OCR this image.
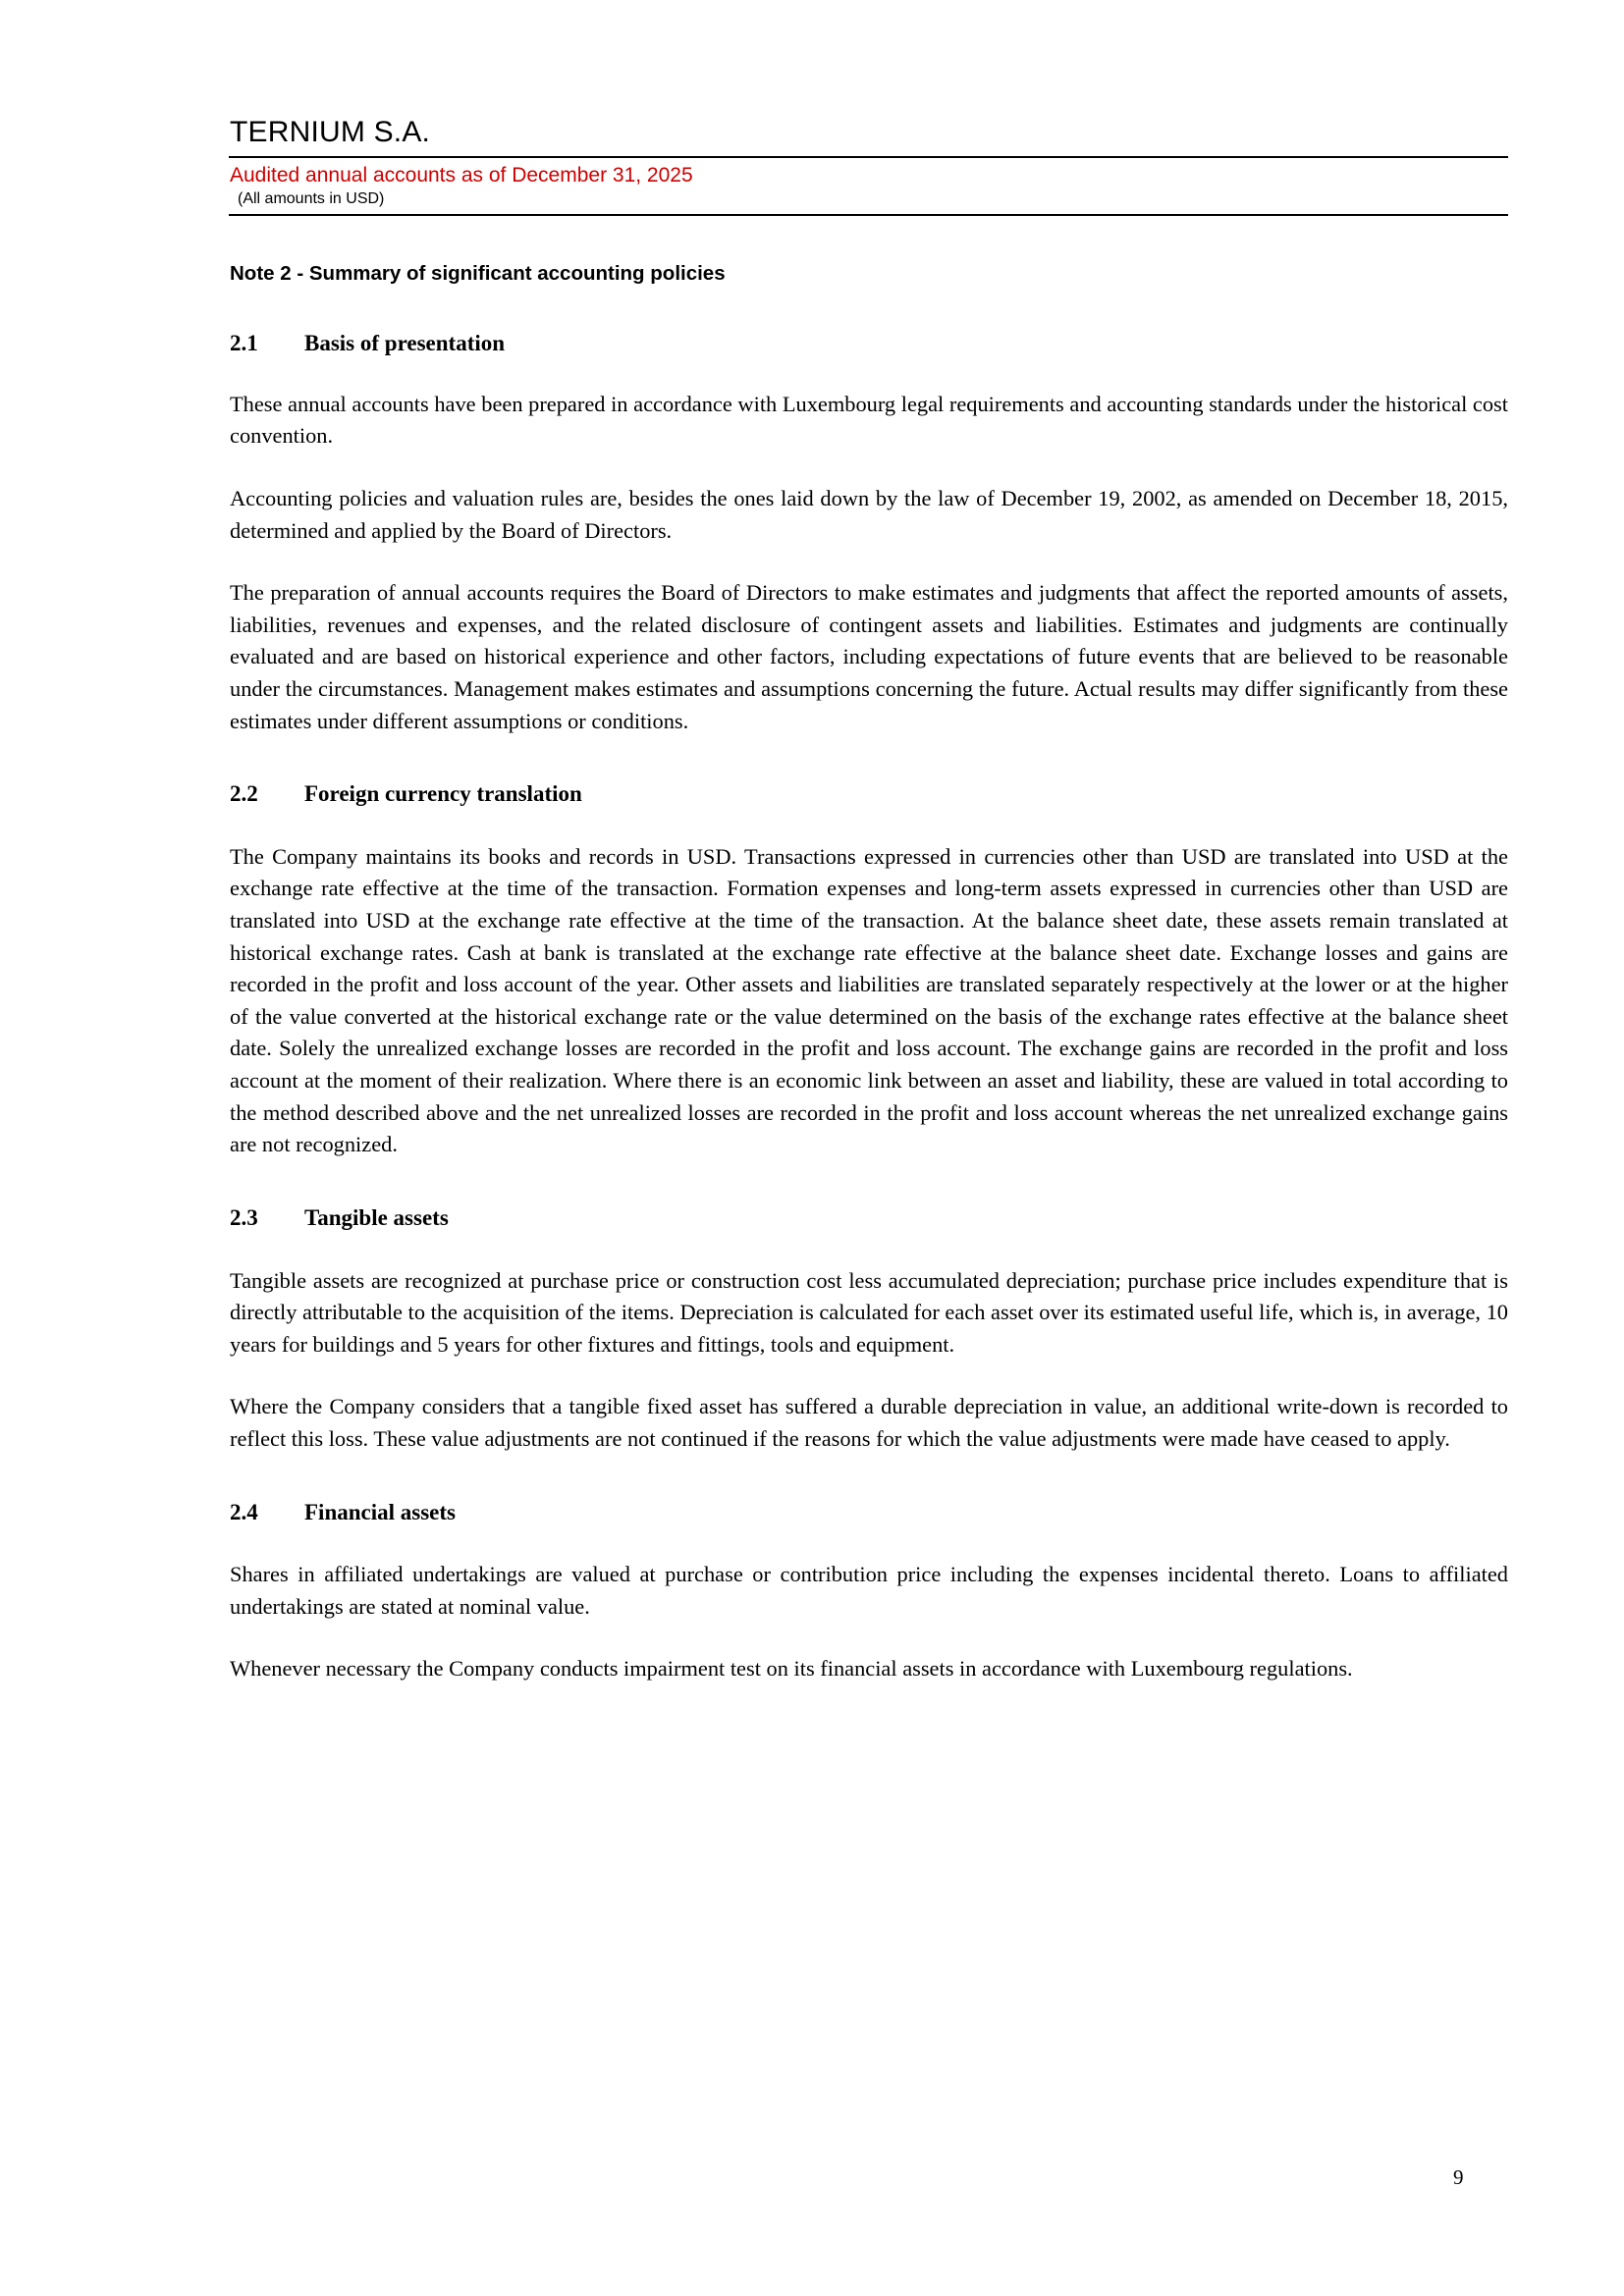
TERNIUM S.A.
Audited annual accounts as of December 31, 2025
(All amounts in USD)
Note 2 - Summary of significant accounting policies
2.1	Basis of presentation

These annual accounts have been prepared in accordance with Luxembourg legal requirements and accounting standards under the historical cost convention.

Accounting policies and valuation rules are, besides the ones laid down by the law of December 19, 2002, as amended on December 18, 2015, determined and applied by the Board of Directors.

The preparation of annual accounts requires the Board of Directors to make estimates and judgments that affect the reported amounts of assets, liabilities, revenues and expenses, and the related disclosure of contingent assets and liabilities. Estimates and judgments are continually evaluated and are based on historical experience and other factors, including expectations of future events that are believed to be reasonable under the circumstances. Management makes estimates and assumptions concerning the future. Actual results may differ significantly from these estimates under different assumptions or conditions.

2.2	Foreign currency translation

The Company maintains its books and records in USD. Transactions expressed in currencies other than USD are translated into USD at the exchange rate effective at the time of the transaction. Formation expenses and long-term assets expressed in currencies other than USD are translated into USD at the exchange rate effective at the time of the transaction. At the balance sheet date, these assets remain translated at historical exchange rates. Cash at bank is translated at the exchange rate effective at the balance sheet date. Exchange losses and gains are recorded in the profit and loss account of the year. Other assets and liabilities are translated separately respectively at the lower or at the higher of the value converted at the historical exchange rate or the value determined on the basis of the exchange rates effective at the balance sheet date. Solely the unrealized exchange losses are recorded in the profit and loss account. The exchange gains are recorded in the profit and loss account at the moment of their realization. Where there is an economic link between an asset and liability, these are valued in total according to the method described above and the net unrealized losses are recorded in the profit and loss account whereas the net unrealized exchange gains are not recognized.

2.3	Tangible assets

Tangible assets are recognized at purchase price or construction cost less accumulated depreciation; purchase price includes expenditure that is directly attributable to the acquisition of the items. Depreciation is calculated for each asset over its estimated useful life, which is, in average, 10 years for buildings and 5 years for other fixtures and fittings, tools and equipment.

Where the Company considers that a tangible fixed asset has suffered a durable depreciation in value, an additional write-down is recorded to reflect this loss. These value adjustments are not continued if the reasons for which the value adjustments were made have ceased to apply.

2.4	Financial assets

Shares in affiliated undertakings are valued at purchase or contribution price including the expenses incidental thereto. Loans to affiliated undertakings are stated at nominal value.

Whenever necessary the Company conducts impairment test on its financial assets in accordance with Luxembourg regulations.

9
